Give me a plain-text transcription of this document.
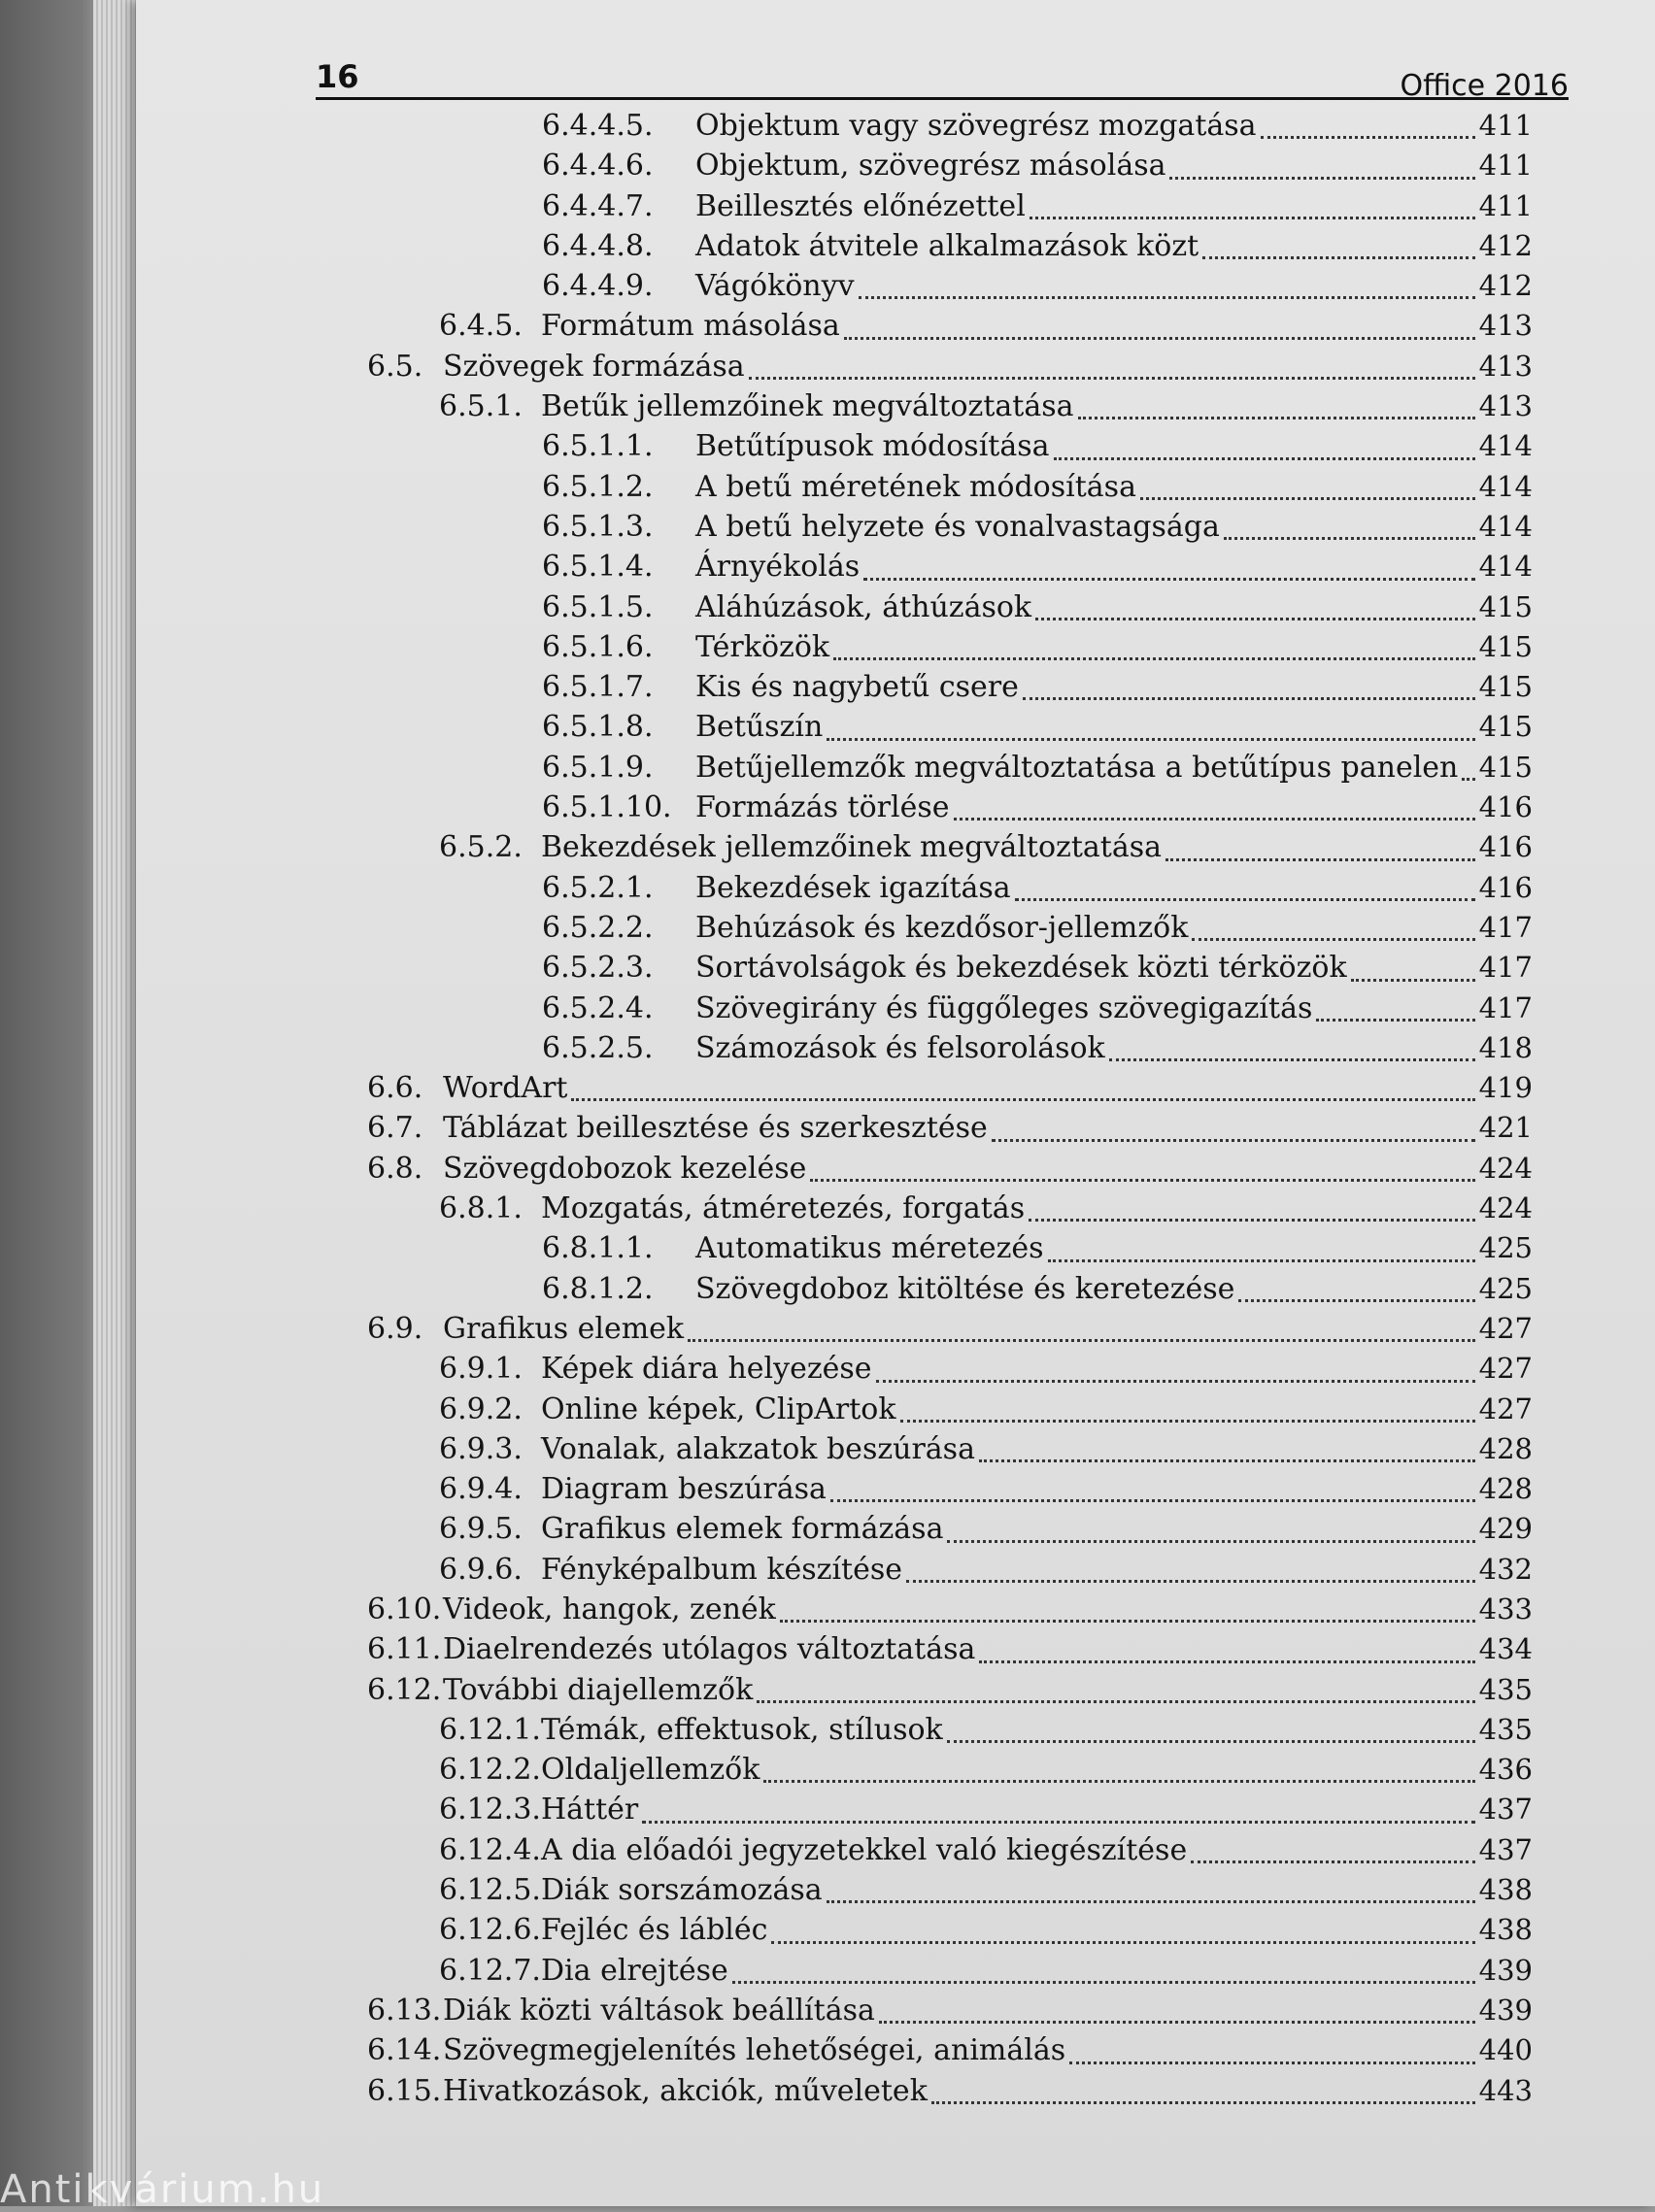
16	Office 2016
6.4.4.5.	Objektum vagy szövegrész mozgatása	411
6.4.4.6.	Objektum, szövegrész másolása	411
6.4.4.7.	Beillesztés előnézettel	411
6.4.4.8.	Adatok átvitele alkalmazások közt	412
6.4.4.9.	Vágókönyv	412
6.4.5. Formátum másolása	413
6.5. Szövegek formázása	413
6.5.1. Betűk jellemzőinek megváltoztatása	413
6.5.1.1.	Betűtípusok módosítása	414
6.5.1.2.	A betű méretének módosítása	414
6.5.1.3.	A betű helyzete és vonalvastagsága	414
6.5.1.4.	Árnyékolás	414
6.5.1.5.	Aláhúzások, áthúzások	415
6.5.1.6.	Térközök	415
6.5.1.7.	Kis és nagybetű csere	415
6.5.1.8.	Betűszín	415
6.5.1.9.	Betűjellemzők megváltoztatása a betűtípus panelen 415
6.5.1.10. Formázás törlése	416
6.5.2. Bekezdések jellemzőinek megváltoztatása	416
6.5.2.1.	Bekezdések igazítása	416
6.5.2.2.	Behúzások és kezdősor-jellemzők	417
6.5.2.3.	Sortávolságok és bekezdések közti térközök	417
6.5.2.4.	Szövegirány és függőleges szövegigazítás	417
6.5.2.5.	Számozások és felsorolások	418
6.6. WordArt	419
6.7. Táblázat beillesztése és szerkesztése	421
6.8. Szövegdobozok kezelése	424
6.8.1. Mozgatás, átméretezés, forgatás	424
6.8.1.1.	Automatikus méretezés	425
6.8.1.2.	Szövegdoboz kitöltése és keretezése	425
6.9. Grafikus elemek	427
6.9.1. Képek diára helyezése	427
6.9.2. Online képek, ClipArtok	427
6.9.3. Vonalak, alakzatok beszúrása	428
6.9.4. Diagram beszúrása	428
6.9.5. Grafikus elemek formázása	429
6.9.6. Fényképalbum készítése	432
6.10. Videok, hangok, zenék	433
6.11. Diaelrendezés utólagos változtatása	434
6.12. További diajellemzők	435
6.12.1. Témák, effektusok, stílusok	435
6.12.2. Oldaljellemzők	436
6.12.3. Háttér	437
6.12.4. A dia előadói jegyzetekkel való kiegészítése	437
6.12.5. Diák sorszámozása	438
6.12.6. Fejléc és lábléc	438
6.12.7. Dia elrejtése	439
6.13. Diák közti váltások beállítása	439
6.14. Szövegmegjelenítés lehetőségei, animálás	440
6.15. Hivatkozások, akciók, műveletek	443
Antikvárium.hu
